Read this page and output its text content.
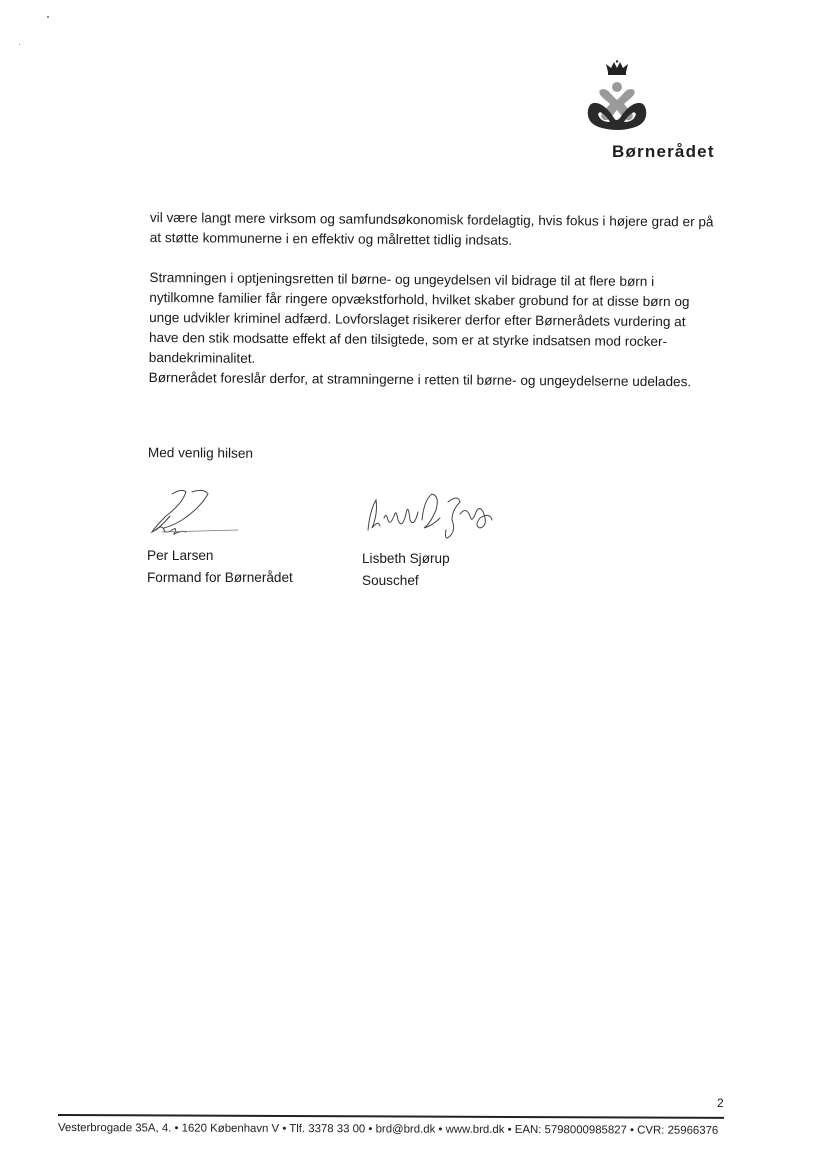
Børnerådet

vil være langt mere virksom og samfundsøkonomisk fordelagtig, hvis fokus i højere grad er på

at støtte kommunerne i en effektiv og målrettet tidlig indsats.

Stramningen i optjeningsretten til børne- og ungeydelsen vil bidrage til at flere børn i

nytilkomne familier får ringere opvækstforhold, hvilket skaber grobund for at disse børn og

unge udvikler kriminel adfærd. Lovforslaget risikerer derfor efter Børnerådets vurdering at

have den stik modsatte effekt af den tilsigtede, som er at styrke indsatsen mod rocker-

bandekriminalitet.

Børnerådet foreslår derfor, at stramningerne i retten til børne- og ungeydelserne udelades.

Med venlig hilsen
Per Larsen
Formand for Børnerådet
Lisbeth Sjørup
Souschef
2
Vesterbrogade 35A, 4. • 1620 København V • Tlf. 3378 33 00 • brd@brd.dk • www.brd.dk • EAN: 5798000985827 • CVR: 25966376
